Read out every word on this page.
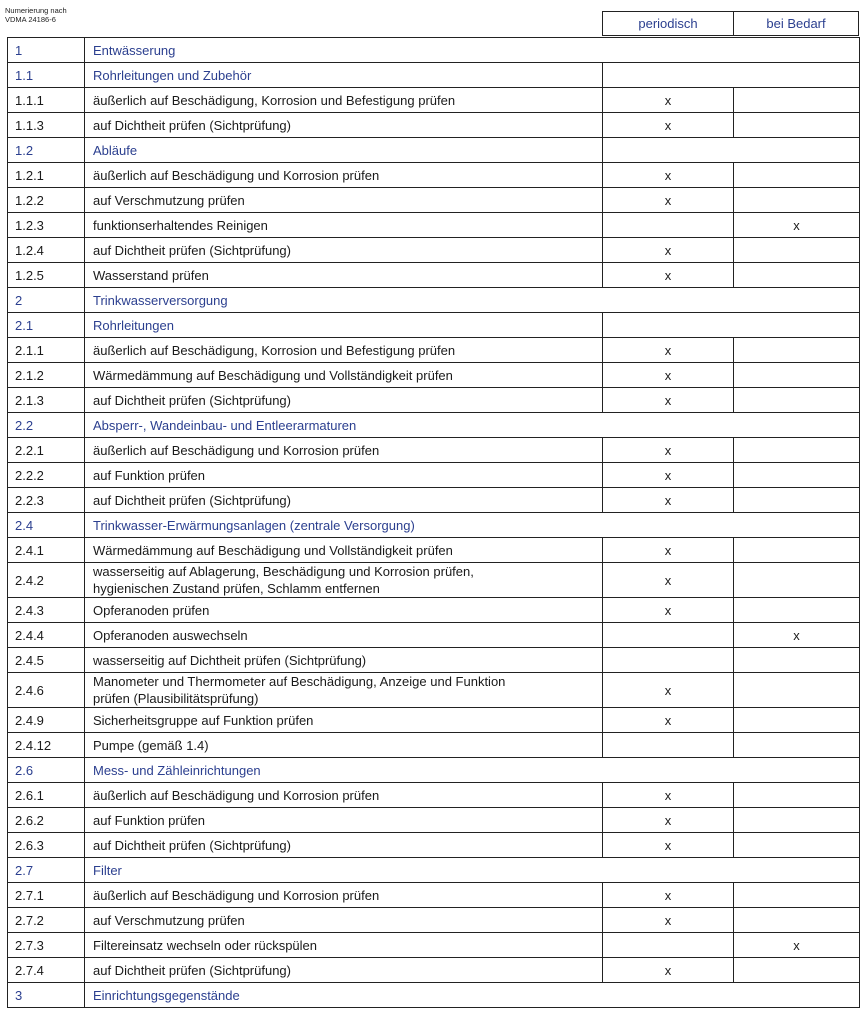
Numerierung nach
VDMA 24186-6	periodisch	bei Bedarf
1	Entwässerung		
1.1	Rohrleitungen und Zubehör		
1.1.1	äußerlich auf Beschädigung, Korrosion und Befestigung prüfen	x	
1.1.3	auf Dichtheit prüfen (Sichtprüfung)	x	
1.2	Abläufe		
1.2.1	äußerlich auf Beschädigung und Korrosion prüfen	x	
1.2.2	auf Verschmutzung prüfen	x	
1.2.3	funktionserhaltendes Reinigen		x
1.2.4	auf Dichtheit prüfen (Sichtprüfung)	x	
1.2.5	Wasserstand prüfen	x	
2	Trinkwasserversorgung		
2.1	Rohrleitungen		
2.1.1	äußerlich auf Beschädigung, Korrosion und Befestigung prüfen	x	
2.1.2	Wärmedämmung auf Beschädigung und Vollständigkeit prüfen	x	
2.1.3	auf Dichtheit prüfen (Sichtprüfung)	x	
2.2	Absperr-, Wandeinbau- und Entleerarmaturen		
2.2.1	äußerlich auf Beschädigung und Korrosion prüfen	x	
2.2.2	auf Funktion prüfen	x	
2.2.3	auf Dichtheit prüfen (Sichtprüfung)	x	
2.4	Trinkwasser-Erwärmungsanlagen (zentrale Versorgung)		
2.4.1	Wärmedämmung auf Beschädigung und Vollständigkeit prüfen	x	
2.4.2	wasserseitig auf Ablagerung, Beschädigung und Korrosion prüfen,
hygienischen Zustand prüfen, Schlamm entfernen	x	
2.4.3	Opferanoden prüfen	x	
2.4.4	Opferanoden auswechseln		x
2.4.5	wasserseitig auf Dichtheit prüfen (Sichtprüfung)		
2.4.6	Manometer und Thermometer auf Beschädigung, Anzeige und Funktion
prüfen (Plausibilitätsprüfung)	x	
2.4.9	Sicherheitsgruppe auf Funktion prüfen	x	
2.4.12	Pumpe (gemäß 1.4)		
2.6	Mess- und Zähleinrichtungen		
2.6.1	äußerlich auf Beschädigung und Korrosion prüfen	x	
2.6.2	auf Funktion prüfen	x	
2.6.3	auf Dichtheit prüfen (Sichtprüfung)	x	
2.7	Filter		
2.7.1	äußerlich auf Beschädigung und Korrosion prüfen	x	
2.7.2	auf Verschmutzung prüfen	x	
2.7.3	Filtereinsatz wechseln oder rückspülen		x
2.7.4	auf Dichtheit prüfen (Sichtprüfung)	x	
3	Einrichtungsgegenstände		
